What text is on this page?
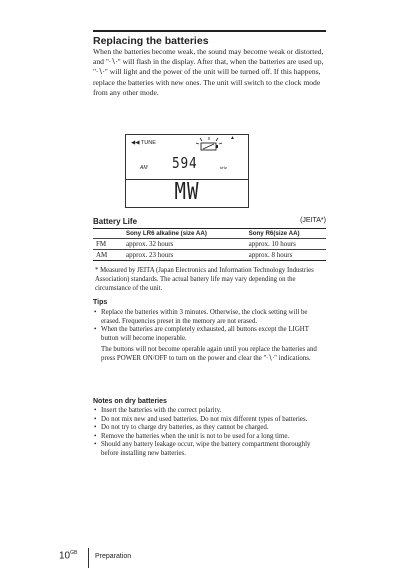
Replacing the batteries
When the batteries become weak, the sound may become weak or distorted, and "∙∖∙" will flash in the display. After that, when the batteries are used up, "∙∖∙" will light and the power of the unit will be turned off. If this happens, replace the batteries with new ones. The unit will switch to the clock mode from any other mode.
◀◀ TUNE
▲
AM 594	kHz
MW
Battery Life	(JEITA*)
	Sony LR6 alkaline (size AA)	Sony R6(size AA)
FM	approx. 32 hours	approx. 10 hours
AM	approx. 23 hours	approx. 8 hours
* Measured by JEITA (Japan Electronics and Information Technology Industries Association) standards. The actual battery life may vary depending on the circumstance of the unit.
Tips
• Replace the batteries within 3 minutes. Otherwise, the clock setting will be erased. Frequencies preset in the memory are not erased.
• When the batteries are completely exhausted, all buttons except the LIGHT button will become inoperable.
The buttons will not become operable again until you replace the batteries and press POWER ON/OFF to turn on the power and clear the "∙∖∙" indications.
Notes on dry batteries
• Insert the batteries with the correct polarity.
• Do not mix new and used batteries. Do not mix different types of batteries.
• Do not try to charge dry batteries, as they cannot be charged.
• Remove the batteries when the unit is not to be used for a long time.
• Should any battery leakage occur, wipe the battery compartment thoroughly before installing new batteries.
$10^{GB}$	Preparation
